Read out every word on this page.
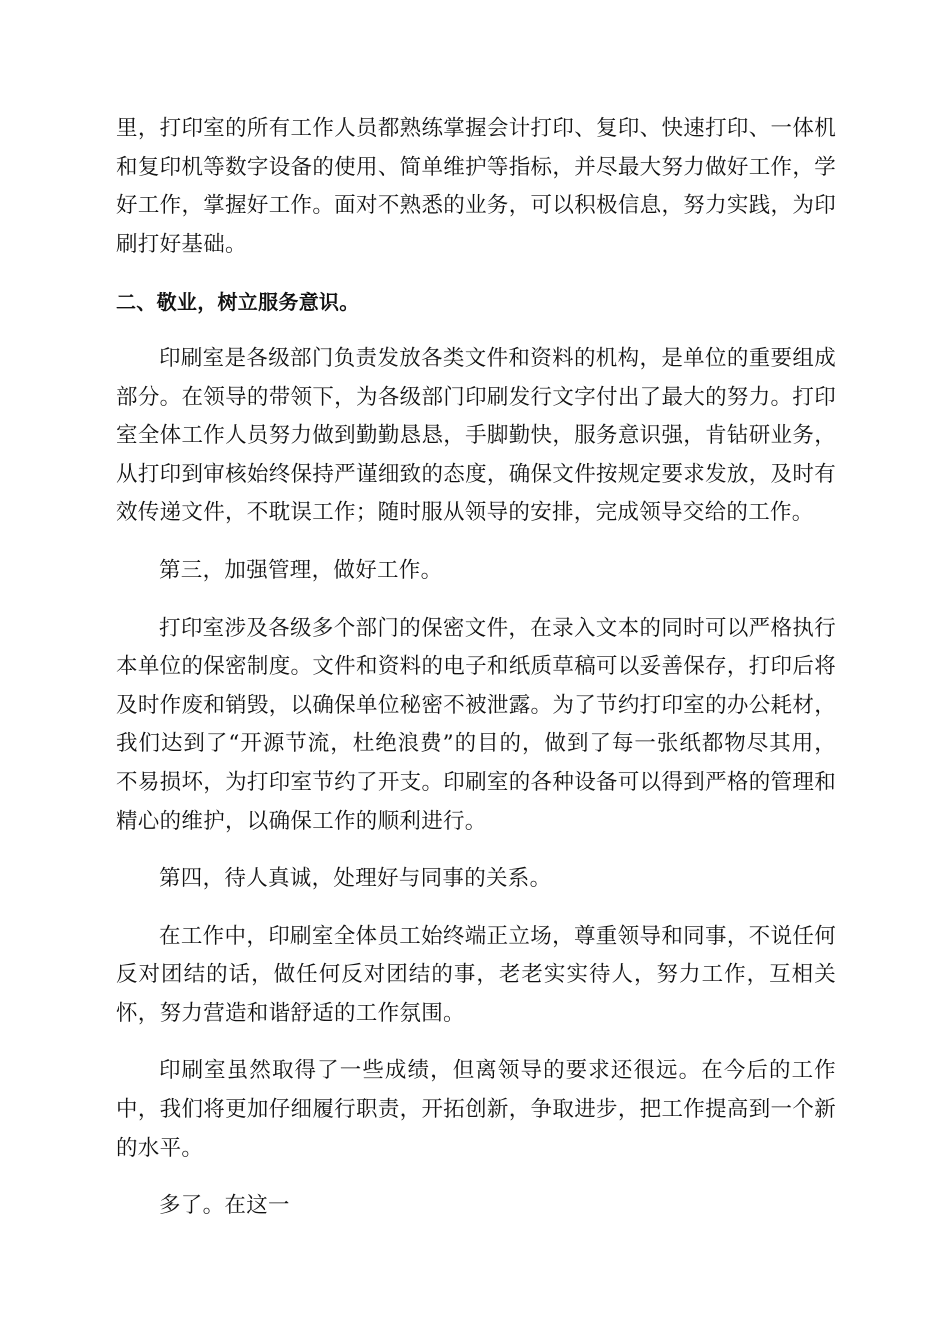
里，打印室的所有工作人员都熟练掌握会计打印、复印、快速打印、一体机和复印机等数字设备的使用、简单维护等指标，并尽最大努力做好工作，学好工作，掌握好工作。面对不熟悉的业务，可以积极信息，努力实践，为印刷打好基础。

二、敬业，树立服务意识。

印刷室是各级部门负责发放各类文件和资料的机构，是单位的重要组成部分。在领导的带领下，为各级部门印刷发行文字付出了最大的努力。打印室全体工作人员努力做到勤勤恳恳，手脚勤快，服务意识强，肯钻研业务，从打印到审核始终保持严谨细致的态度，确保文件按规定要求发放，及时有效传递文件，不耽误工作；随时服从领导的安排，完成领导交给的工作。

第三，加强管理，做好工作。

打印室涉及各级多个部门的保密文件，在录入文本的同时可以严格执行本单位的保密制度。文件和资料的电子和纸质草稿可以妥善保存，打印后将及时作废和销毁，以确保单位秘密不被泄露。为了节约打印室的办公耗材，我们达到了“开源节流，杜绝浪费”的目的，做到了每一张纸都物尽其用，不易损坏，为打印室节约了开支。印刷室的各种设备可以得到严格的管理和精心的维护，以确保工作的顺利进行。

第四，待人真诚，处理好与同事的关系。

在工作中，印刷室全体员工始终端正立场，尊重领导和同事，不说任何反对团结的话，做任何反对团结的事，老老实实待人，努力工作，互相关怀，努力营造和谐舒适的工作氛围。

印刷室虽然取得了一些成绩，但离领导的要求还很远。在今后的工作中，我们将更加仔细履行职责，开拓创新，争取进步，把工作提高到一个新的水平。

多了。在这一
